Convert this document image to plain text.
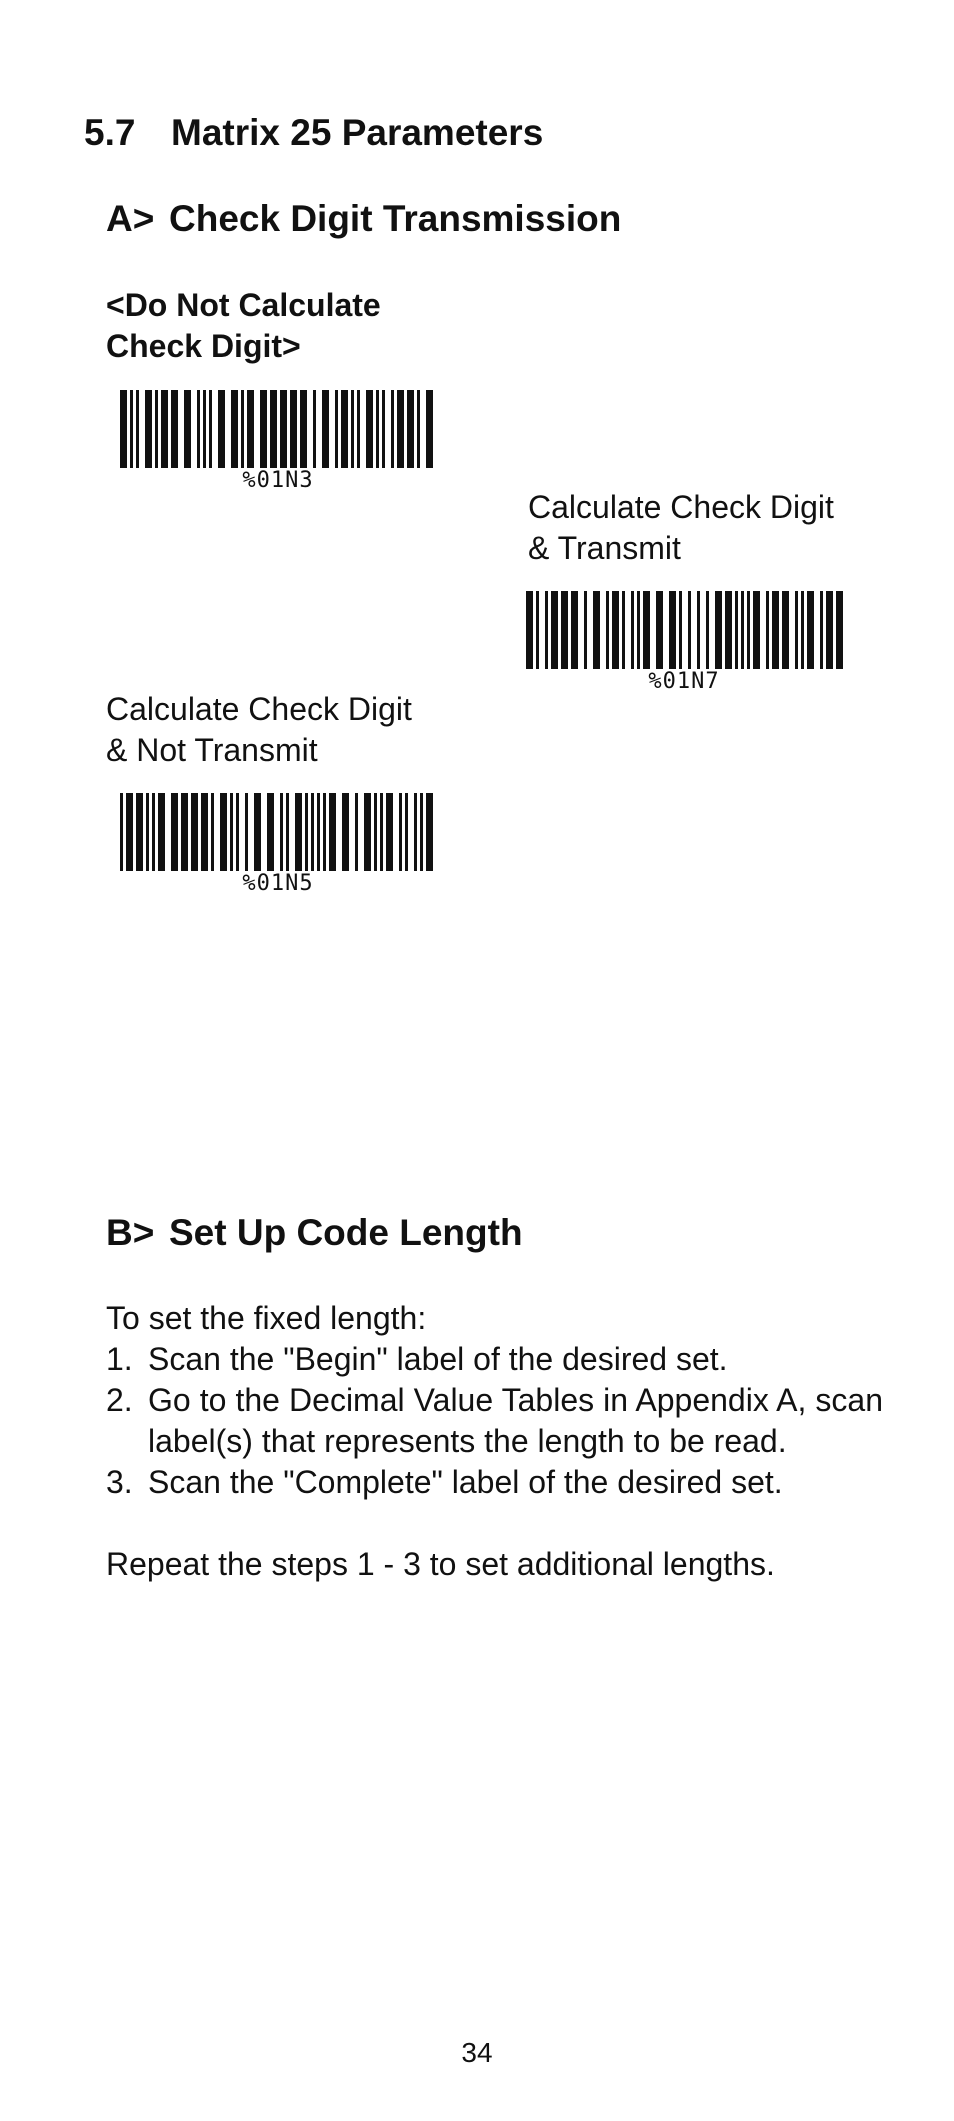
5.7 Matrix 25 Parameters
A> Check Digit Transmission
<Do Not Calculate
Check Digit>
%01N3
Calculate Check Digit
& Transmit
%01N7
Calculate Check Digit
& Not Transmit
%01N5
B> Set Up Code Length
To set the fixed length:
1. Scan the "Begin" label of the desired set.
2. Go to the Decimal Value Tables in Appendix A, scan label(s) that represents the length to be read.
3. Scan the "Complete" label of the desired set.
Repeat the steps 1 - 3 to set additional lengths.
34
